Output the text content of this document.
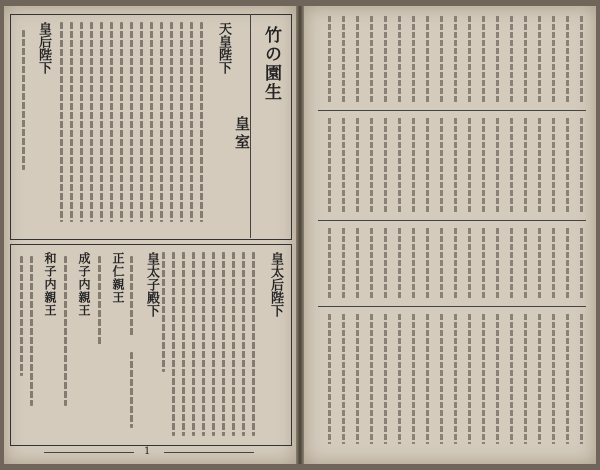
竹の園生
皇室
天皇陛下
皇后陛下
皇太后陛下
皇太子殿下
正仁親王
成子内親王
和子内親王
1
